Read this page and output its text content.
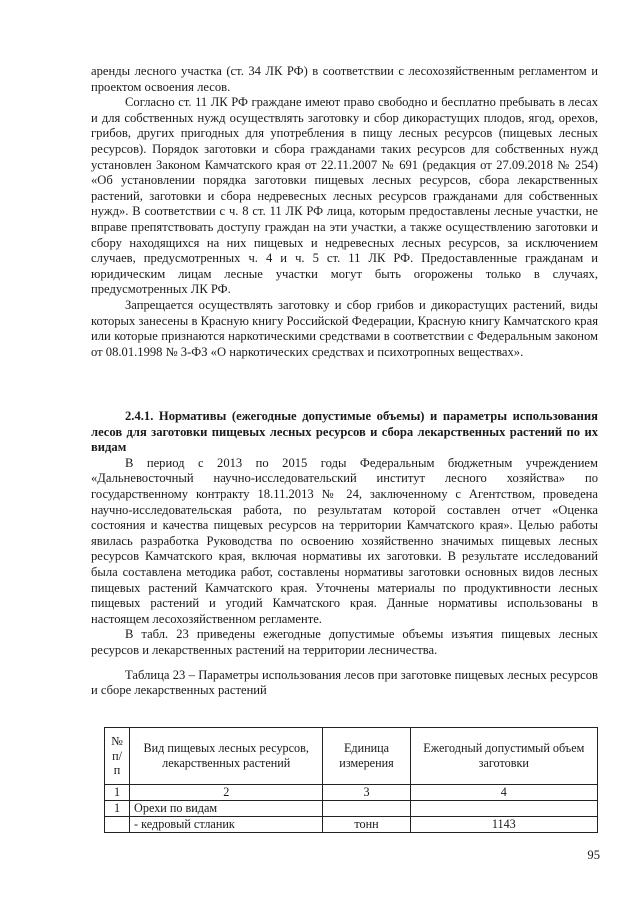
аренды лесного участка (ст. 34 ЛК РФ) в соответствии с лесохозяйственным регламентом и проектом освоения лесов.

Согласно ст. 11 ЛК РФ граждане имеют право свободно и бесплатно пребывать в лесах и для собственных нужд осуществлять заготовку и сбор дикорастущих плодов, ягод, орехов, грибов, других пригодных для употребления в пищу лесных ресурсов (пищевых лесных ресурсов). Порядок заготовки и сбора гражданами таких ресурсов для собственных нужд установлен Законом Камчатского края от 22.11.2007 № 691 (редакция от 27.09.2018 № 254) «Об установлении порядка заготовки пищевых лесных ресурсов, сбора лекарственных растений, заготовки и сбора недревесных лесных ресурсов гражданами для собственных нужд». В соответствии с ч. 8 ст. 11 ЛК РФ лица, которым предоставлены лесные участки, не вправе препятствовать доступу граждан на эти участки, а также осуществлению заготовки и сбору находящихся на них пищевых и недревесных лесных ресурсов, за исключением случаев, предусмотренных ч. 4 и ч. 5 ст. 11 ЛК РФ. Предоставленные гражданам и юридическим лицам лесные участки могут быть огорожены только в случаях, предусмотренных ЛК РФ.

Запрещается осуществлять заготовку и сбор грибов и дикорастущих растений, виды которых занесены в Красную книгу Российской Федерации, Красную книгу Камчатского края или которые признаются наркотическими средствами в соответствии с Федеральным законом от 08.01.1998 № 3-ФЗ «О наркотических средствах и психотропных веществах».

2.4.1. Нормативы (ежегодные допустимые объемы) и параметры использования лесов для заготовки пищевых лесных ресурсов и сбора лекарственных растений по их видам

В период с 2013 по 2015 годы Федеральным бюджетным учреждением «Дальневосточный научно-исследовательский институт лесного хозяйства» по государственному контракту 18.11.2013 № 24, заключенному с Агентством, проведена научно-исследовательская работа, по результатам которой составлен отчет «Оценка состояния и качества пищевых ресурсов на территории Камчатского края». Целью работы явилась разработка Руководства по освоению хозяйственно значимых пищевых лесных ресурсов Камчатского края, включая нормативы их заготовки. В результате исследований была составлена методика работ, составлены нормативы заготовки основных видов лесных пищевых растений Камчатского края. Уточнены материалы по продуктивности лесных пищевых растений и угодий Камчатского края. Данные нормативы использованы в настоящем лесохозяйственном регламенте.

В табл. 23 приведены ежегодные допустимые объемы изъятия пищевых лесных ресурсов и лекарственных растений на территории лесничества.

Таблица 23 – Параметры использования лесов при заготовке пищевых лесных ресурсов и сборе лекарственных растений

№ п/п	Вид пищевых лесных ресурсов, лекарственных растений	Единица измерения	Ежегодный допустимый объем заготовки
1	2	3	4
1	Орехи по видам		
	- кедровый стланик	тонн	1143
95
